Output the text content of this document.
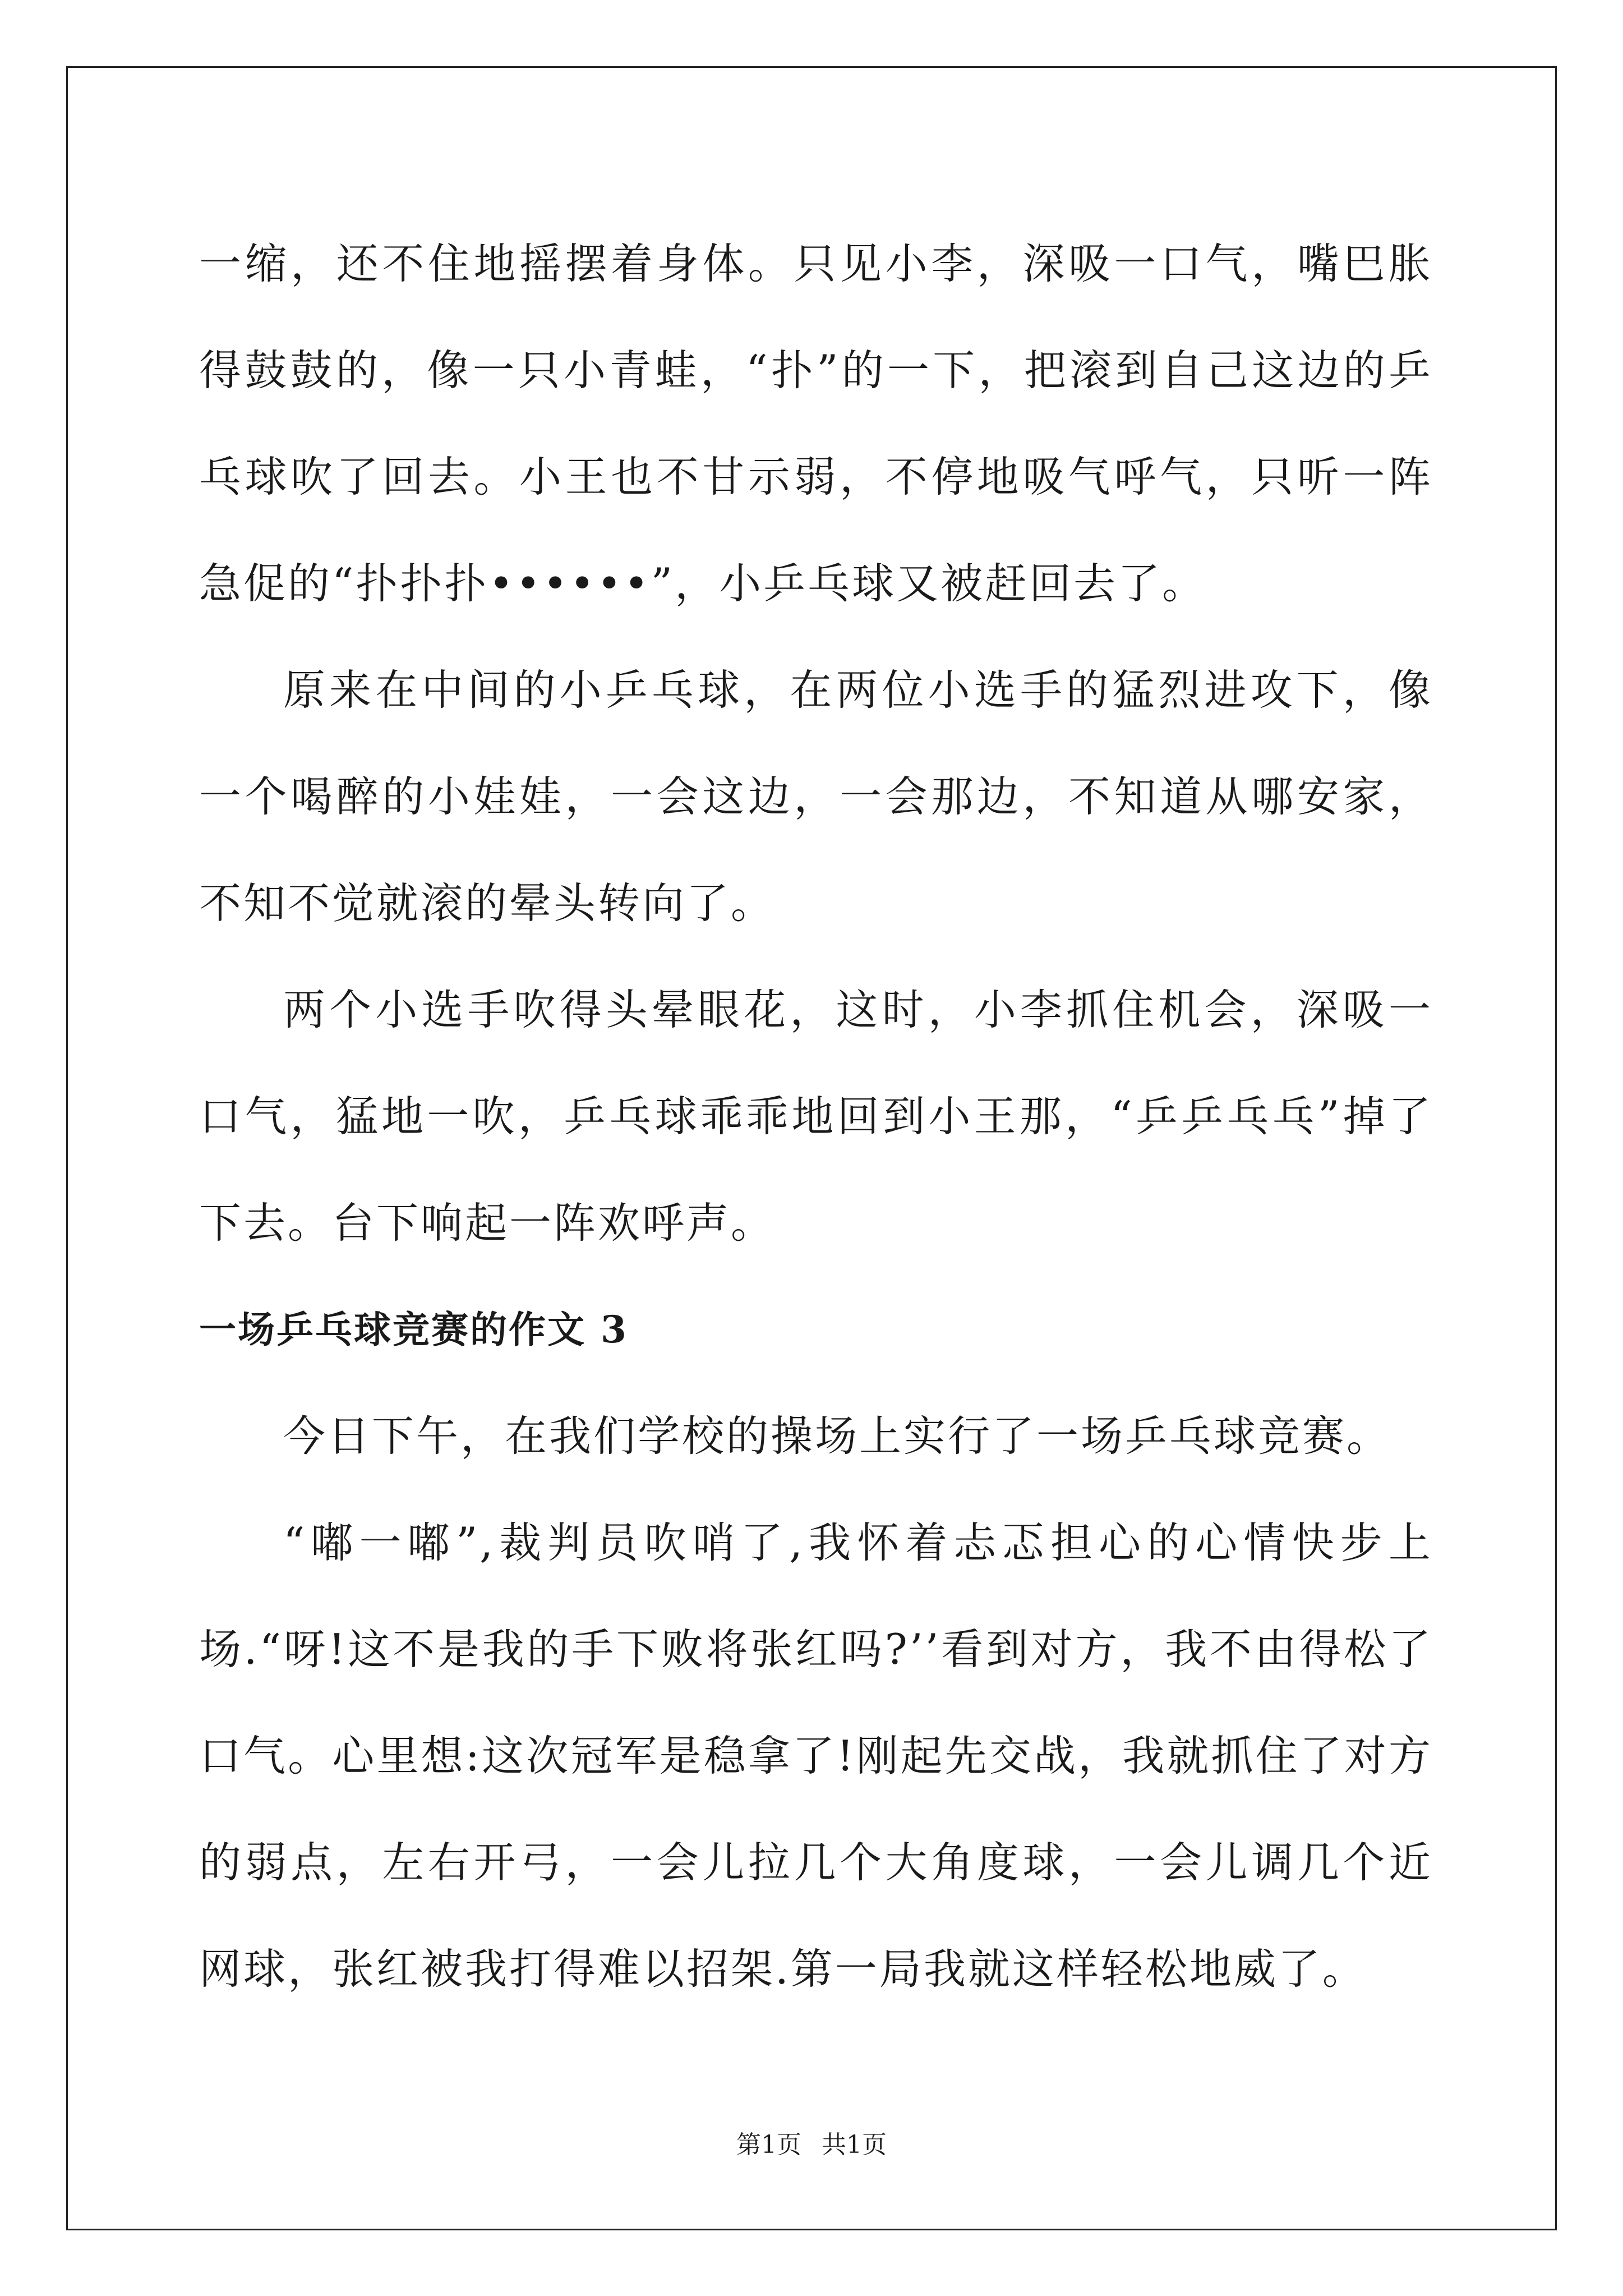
一缩，还不住地摇摆着身体。只见小李，深吸一口气，嘴巴胀得鼓鼓的，像一只小青蛙，“扑”的一下，把滚到自己这边的乒乓球吹了回去。小王也不甘示弱，不停地吸气呼气，只听一阵急促的“扑扑扑••••••”，小乒乓球又被赶回去了。

原来在中间的小乒乓球，在两位小选手的猛烈进攻下，像一个喝醉的小娃娃，一会这边，一会那边，不知道从哪安家，不知不觉就滚的晕头转向了。

两个小选手吹得头晕眼花，这时，小李抓住机会，深吸一口气，猛地一吹，乒乓球乖乖地回到小王那，“乒乒乓乓”掉了下去。台下响起一阵欢呼声。

一场乒乓球竞赛的作文 3

今日下午，在我们学校的操场上实行了一场乒乓球竞赛。

“嘟一嘟”,裁判员吹哨了,我怀着忐忑担心的心情快步上场.“呀!这不是我的手下败将张红吗?’’看到对方，我不由得松了口气。心里想:这次冠军是稳拿了!刚起先交战，我就抓住了对方的弱点，左右开弓，一会儿拉几个大角度球，一会儿调几个近网球，张红被我打得难以招架.第一局我就这样轻松地威了。

第1页 共1页
